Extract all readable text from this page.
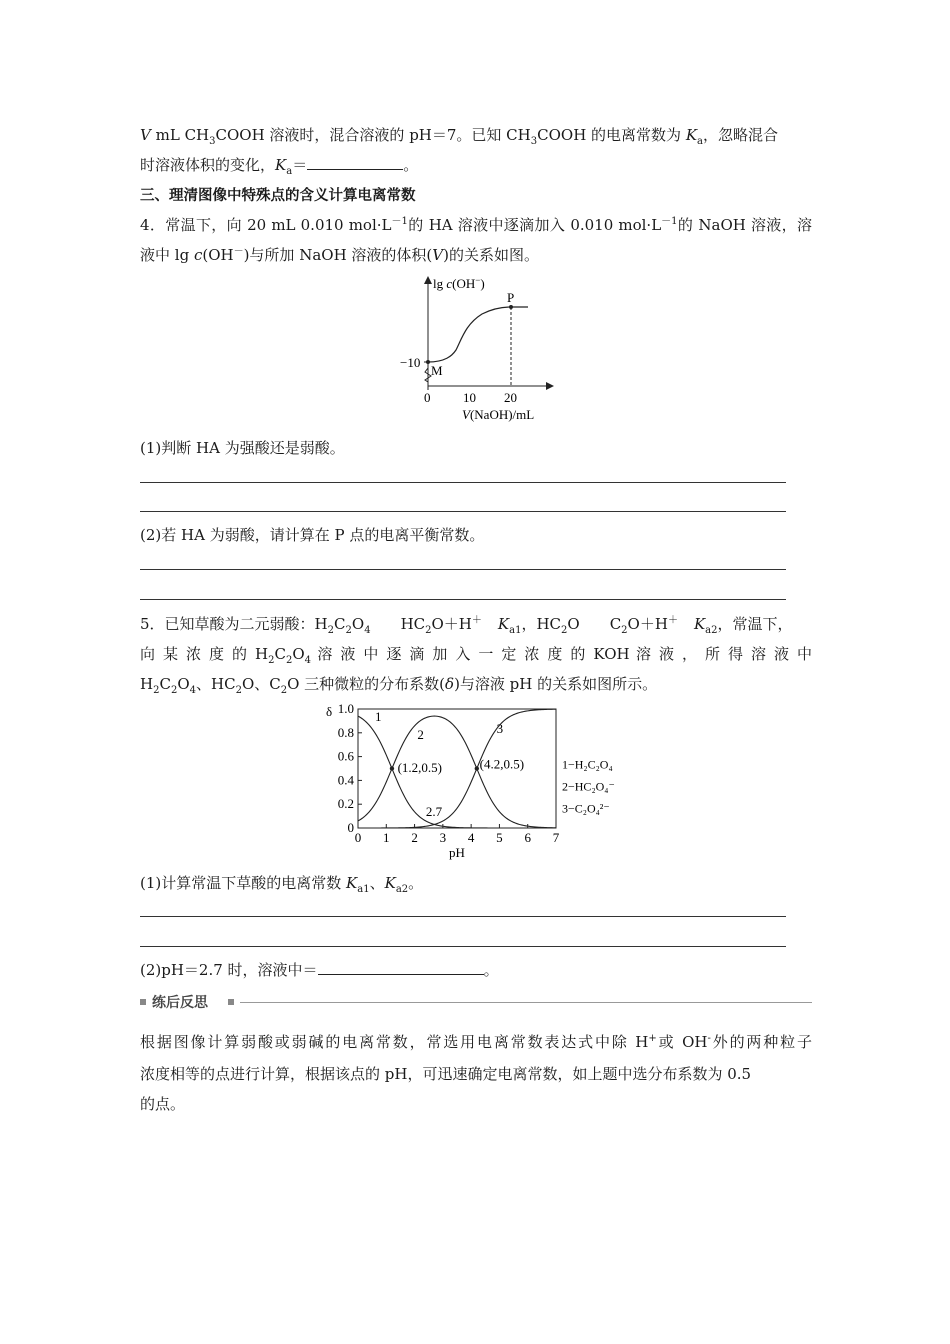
V mL $CH_3COOH$ 溶液时，混合溶液的 pH＝7。已知 $CH_3COOH$ 的电离常数为 $K_a$，忽略混合
时溶液体积的变化，$K_a=$	。
三、理清图像中特殊点的含义计算电离常数
4．常温下，向 20 mL 0.010 $mol\cdot L^{-1}$的 HA 溶液中逐滴加入 0.010 $mol\cdot L^{-1}$的 NaOH 溶液，溶
液中 lg c(OH－)与所加 NaOH 溶液的体积(V)的关系如图。
lg c(OH−)
P
M
−10
0	10 20
V(NaOH)/mL
(1)判断 HA 为强酸还是弱酸。
(2)若 HA 为弱酸，请计算在 P 点的电离平衡常数。
5．已知草酸为二元弱酸：$H_2C_2O_4$ $HC_2O+H^+$ $K_{a1}$，$HC_2O$ $C_2O+H^+$ $K_{a2}$，常温下，
向 某 浓 度 的 $H_2C_2O_4$ 溶 液 中 逐 滴 加 入 一 定 浓 度 的 KOH 溶 液 ， 所 得 溶 液 中
$H_2C_2O_4$、$HC_2O$、$C_2O$ 三种微粒的分布系数(δ)与溶液 pH 的关系如图所示。
0 1 2 3 4 5 6 7
0
0.2
0.4
0.6
0.8
1.0
δ
pH
1
2	3
(1.2,0.5)	(4.2,0.5)
2.7
1−H₂C₂O₄
2−HC₂O₄⁻
3−C₂O₄²⁻
(1)计算常温下草酸的电离常数 $K_{a1}$、$K_{a2}$。
(2)pH＝2.7 时，溶液中＝	。
练后反思
根据图像计算弱酸或弱碱的电离常数，常选用电离常数表达式中除 H+或 OH-外的两种粒子
浓度相等的点进行计算，根据该点的 pH，可迅速确定电离常数，如上题中选分布系数为 0.5
的点。
